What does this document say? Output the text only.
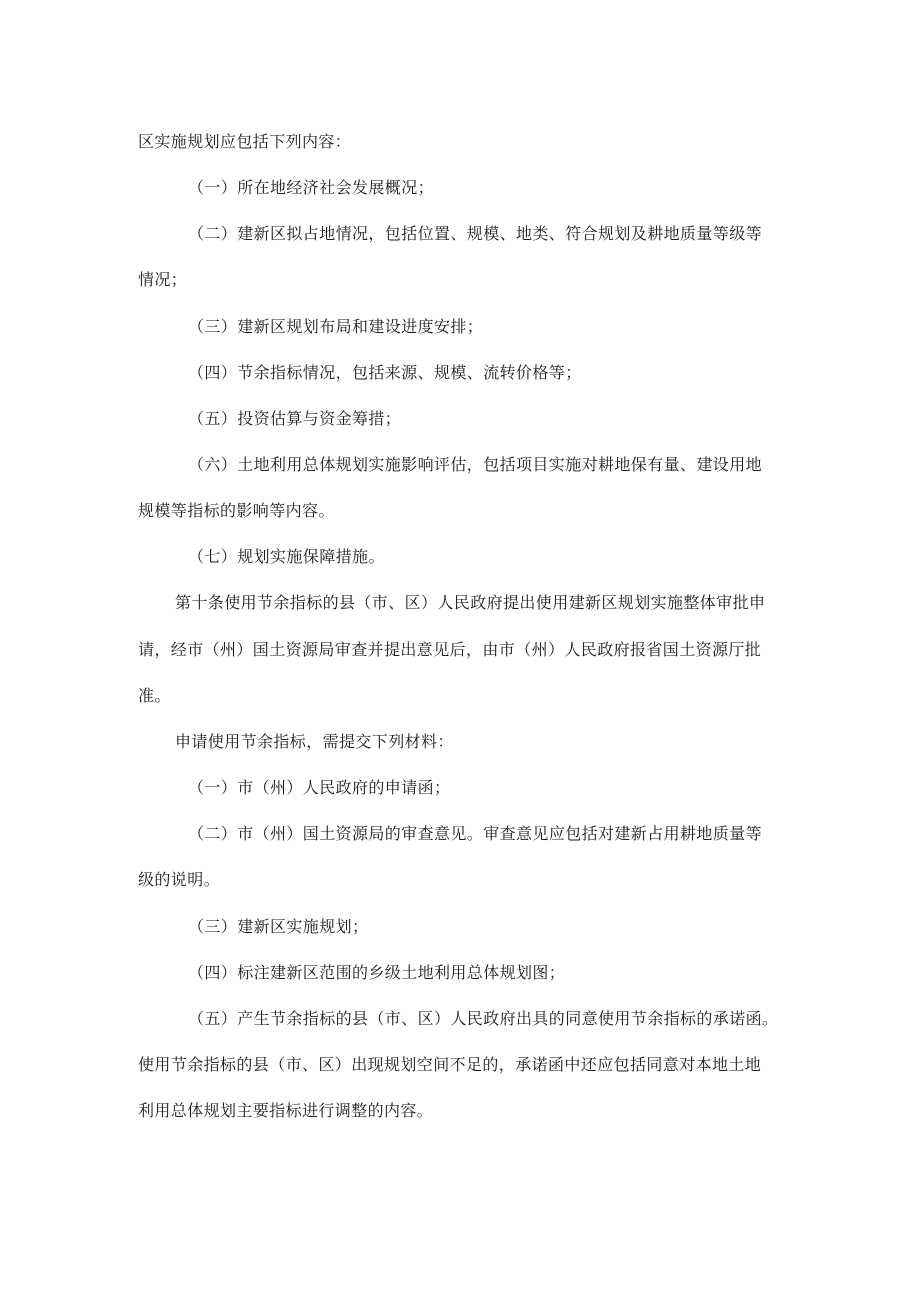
区实施规划应包括下列内容：
（一）所在地经济社会发展概况；
（二）建新区拟占地情况，包括位置、规模、地类、符合规划及耕地质量等级等
情况；
（三）建新区规划布局和建设进度安排；
（四）节余指标情况，包括来源、规模、流转价格等；
（五）投资估算与资金筹措；
（六）土地利用总体规划实施影响评估，包括项目实施对耕地保有量、建设用地
规模等指标的影响等内容。
（七）规划实施保障措施。
第十条使用节余指标的县（市、区）人民政府提出使用建新区规划实施整体审批申
请，经市（州）国土资源局审查并提出意见后，由市（州）人民政府报省国土资源厅批
准。
申请使用节余指标，需提交下列材料：
（一）市（州）人民政府的申请函；
（二）市（州）国土资源局的审查意见。审查意见应包括对建新占用耕地质量等
级的说明。
（三）建新区实施规划；
（四）标注建新区范围的乡级土地利用总体规划图；
（五）产生节余指标的县（市、区）人民政府出具的同意使用节余指标的承诺函。
使用节余指标的县（市、区）出现规划空间不足的，承诺函中还应包括同意对本地土地
利用总体规划主要指标进行调整的内容。
